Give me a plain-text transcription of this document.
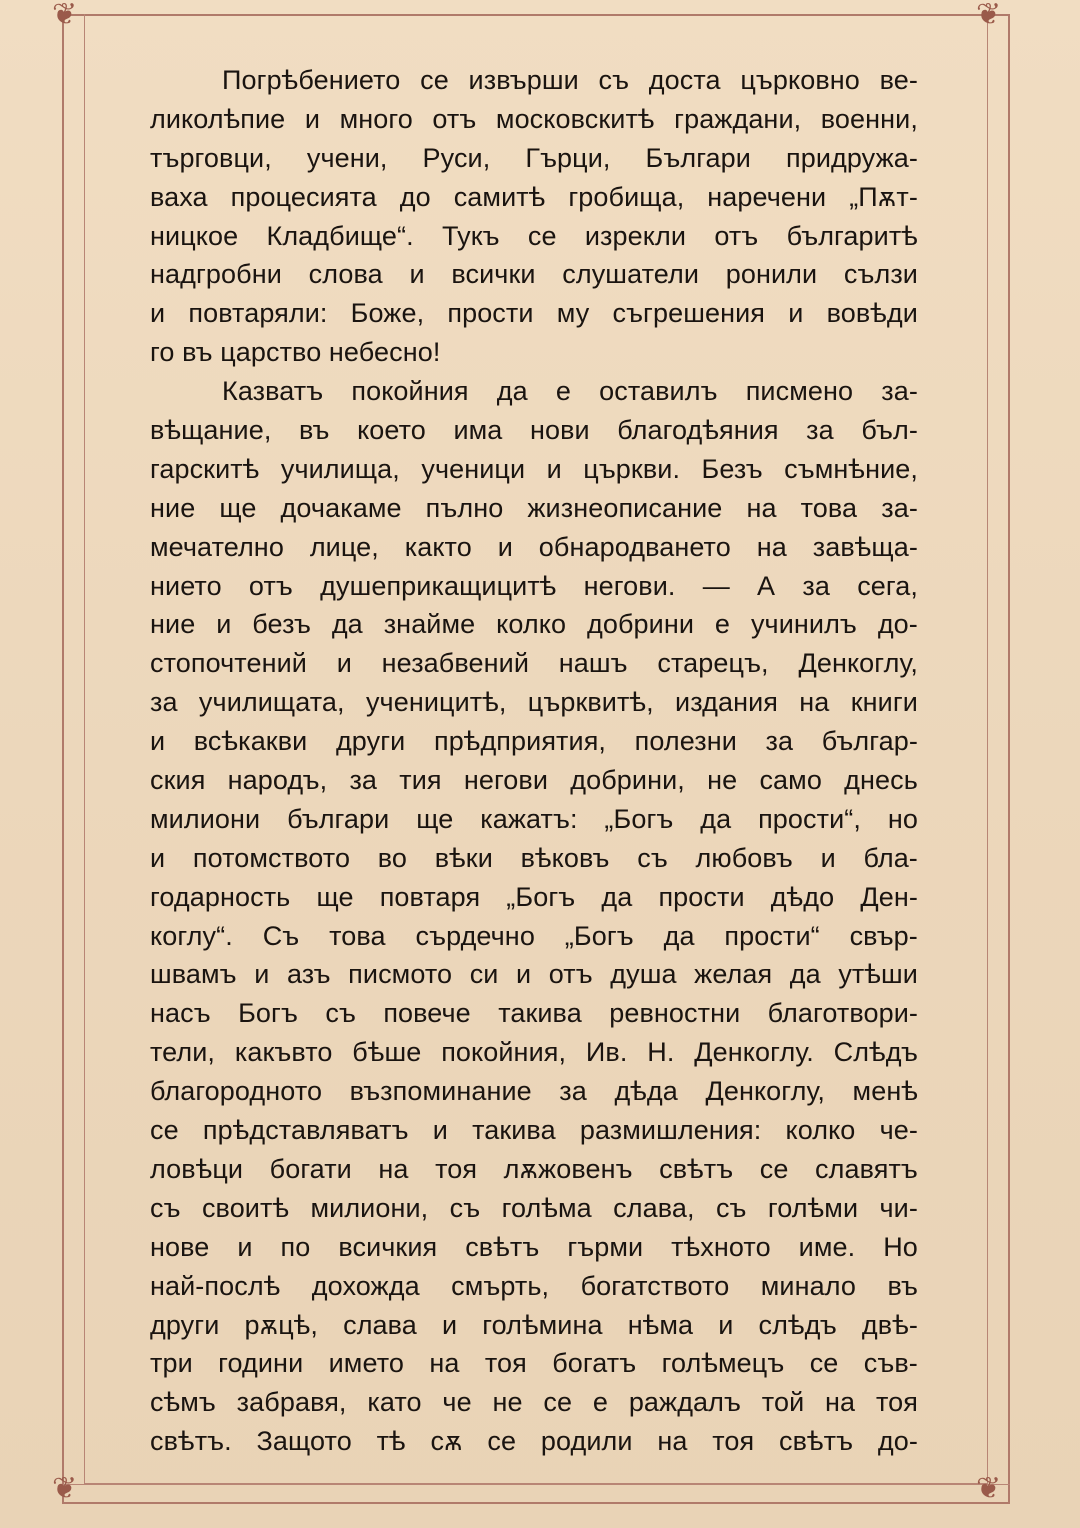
❦	❦
❦	❦
Погрѣбението се извърши съ доста църковно ве-
ликолѣпие и много отъ московскитѣ граждани, военни,
търговци, учени, Руси, Гърци, Българи придружа-
ваха процесията до самитѣ гробища, наречени „Пѫт-
ницкое Кладбище“. Тукъ се изрекли отъ българитѣ
надгробни слова и всички слушатели ронили сълзи
и повтаряли: Боже, прости му съгрешения и вовѣди
го въ царство небесно!
Казватъ покойния да е оставилъ писмено за-
вѣщание, въ което има нови благодѣяния за бъл-
гарскитѣ училища, ученици и църкви. Безъ съмнѣние,
ние ще дочакаме пълно жизнеописание на това за-
мечателно лице, както и обнародването на завѣща-
нието отъ душеприкащицитѣ негови. — А за сега,
ние и безъ да знайме колко добрини е учинилъ до-
стопочтений и незабвений нашъ старецъ, Денкоглу,
за училищата, ученицитѣ, църквитѣ, издания на книги
и всѣкакви други прѣдприятия, полезни за българ-
ския народъ, за тия негови добрини, не само днесь
милиони българи ще кажатъ: „Богъ да прости“, но
и потомството во вѣки вѣковъ съ любовъ и бла-
годарность ще повтаря „Богъ да прости дѣдо Ден-
коглу“. Съ това сърдечно „Богъ да прости“ свър-
швамъ и азъ писмото си и отъ душа желая да утѣши
насъ Богъ съ повече такива ревностни благотвори-
тели, какъвто бѣше покойния, Ив. Н. Денкоглу. Слѣдъ
благородното възпоминание за дѣда Денкоглу, менѣ
се прѣдставляватъ и такива размишления: колко че-
ловѣци богати на тоя лѫжовенъ свѣтъ се славятъ
съ своитѣ милиони, съ голѣма слава, съ голѣми чи-
нове и по всичкия свѣтъ гърми тѣхното име. Но
най-послѣ дохожда смърть, богатството минало въ
други рѫцѣ, слава и голѣмина нѣма и слѣдъ двѣ-
три години името на тоя богатъ голѣмецъ се съв-
сѣмъ забравя, като че не се е раждалъ той на тоя
свѣтъ. Защото тѣ сѫ се родили на тоя свѣтъ до-
